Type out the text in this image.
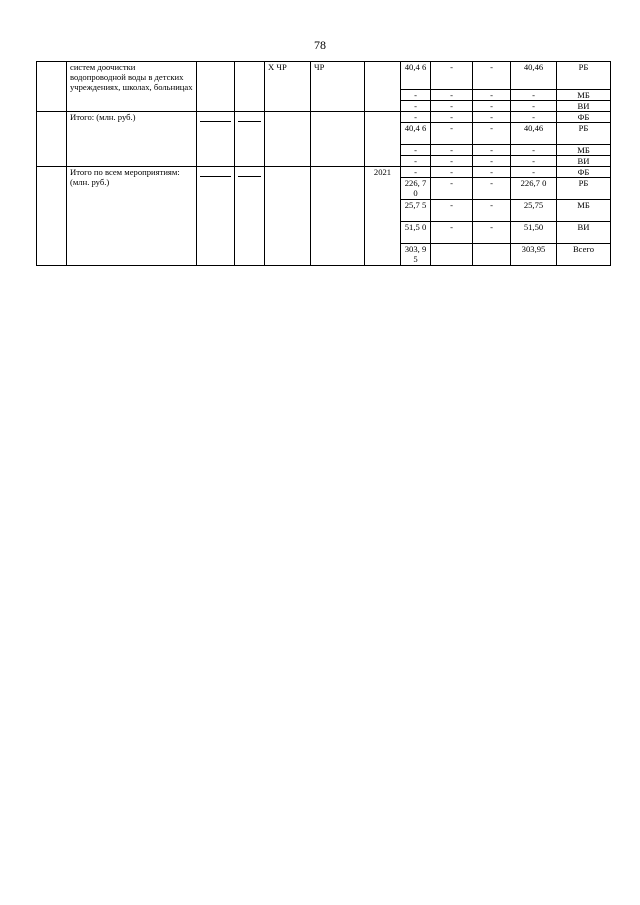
78
	систем доочистки водопроводной воды в детских учреждениях, школах, больницах			Х ЧР	ЧР		40,4 6	-	-	40,46	РБ
							-	-	-	-	МБ
							-	-	-	-	ВИ
	Итого: (млн. руб.)						-	-	-	-	ФБ
							40,4 6	-	-	40,46	РБ
							-	-	-	-	МБ
							-	-	-	-	ВИ
	Итого по всем мероприятиям: (млн. руб.)					2021	-	-	-	-	ФБ
							226, 7 0	-	-	226,7 0	РБ
							25,7 5	-	-	25,75	МБ
							51,5 0	-	-	51,50	ВИ
							303, 95			303,95	Всего
